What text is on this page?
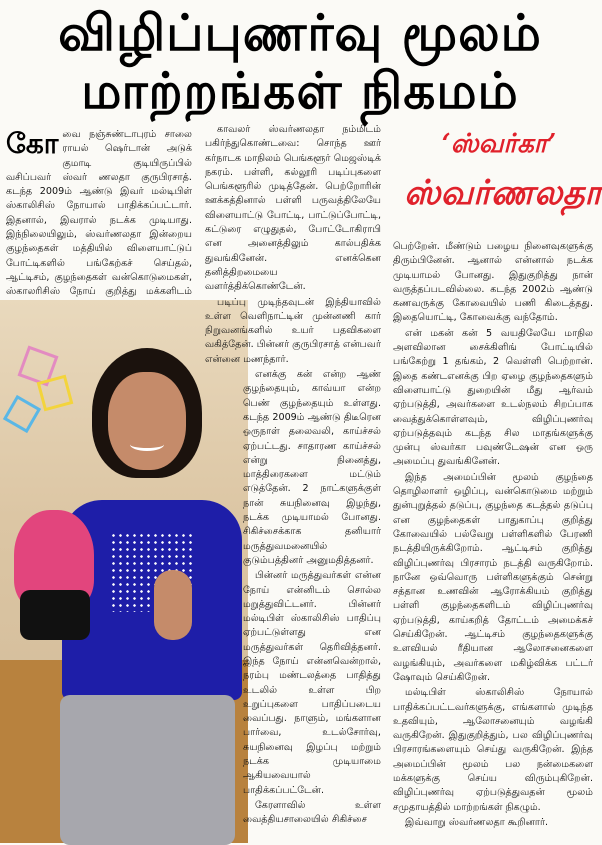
விழிப்புணர்வு மூலம்
மாற்றங்கள் நிகமம்

கோவை நஞ்சுண்டாபுரம் சாலை ராயல் ஷெர்டான் அடுக் குமாடி குடியிருப்பில் வசிப்பவர் ஸ்வர் ணலதா குருபிரசாத். கடந்த 2009ம் ஆண்டு இவர் மல்டிபிள் ஸ்காலிசிஸ் நோயால் பாதிக்கப்பட்டார். இதனால், இவரால் நடக்க முடியாது. இந்நிலையிலும், ஸ்வர்ணலதா இன்றைய குழந்தைகள் மத்தியில் விளையாட்டுப் போட்டிகளில் பங்கேற்கச் செய்தல், ஆட்டிசம், குழந்தைகள் வன்கொடுமைகள், ஸ்காலரிசிஸ் நோய் குறித்து மக்களிடம்

காவலர் ஸ்வர்ணலதா நம்மிடம் பகிர்ந்துகொண்டவை: சொந்த ஊர் கர்நாடக மாநிலம் பெங்களூர் மெஜஸ்டிக் நகரம். பள்ளி, கல்லூரி படிப்புகளை பெங்களூரில் முடித்தேன். பெற்றோரின் ஊக்கத்தினால் பள்ளி பருவத்திலேயே விளையாட்டு போட்டி, பாட்டுப்போட்டி, கட்டுரை எழுதுதல், போட்டோகிராபி என அனைத்திலும் கால்பதிக்க துவங்கினேன். எனக்கென தனித்திறமையை வளர்த்திக்கொண்டேன்.

படிப்பு முடிந்தவுடன் இந்தியாவில் உள்ள வெளிநாட்டின் முன்னணி கார் நிறுவனங்களில் உயர் பதவிகளை வகித்தேன். பின்னர் குருபிரசாத் என்பவர் என்னை மணந்தார்.

எனக்கு கன் என்ற ஆண் குழந்தையும், காவ்யா என்ற பெண் குழந்தையும் உள்ளது. கடந்த 2009ம் ஆண்டு திடீரென ஒருநாள் தலைவலி, காய்ச்சல் ஏற்பட்டது. சாதாரண காய்ச்சல் என்று நினைத்து, மாத்திரைகளை மட்டும் எடுத்தேன். 2 நாட்களுக்குள் நான் சுயநினைவு இழந்து, நடக்க முடியாமல் போனது. சிகிச்சைக்காக தனியார் மருத்துவமனையில் குடும்பத்தினர் அனுமதித்தனர்.

பின்னர் மருத்துவர்கள் என்ன நோய் என்னிடம் சொல்ல மறுத்துவிட்டனர். பின்னர் மல்டிபிள் ஸ்காலிசிஸ் பாதிப்பு ஏற்பட்டுள்ளது என மருத்துவர்கள் தெரிவித்தனர். இந்த நோய் என்னவென்றால், நரம்பு மண்டலத்தை பாதித்து உடலில் உள்ள பிற உறுப்புகளை பாதிப்படைய வைப்பது. நாளும், மங்களான பார்வை, உடல்சோர்வு, சுயநினைவு இழப்பு மற்றும் நடக்க முடியாமை ஆகியவையால் பாதிக்கப்பட்டேன்.

கேரளாவில் உள்ள வைத்தியசாலையில் சிகிச்சை

‘ஸ்வர்கா’
ஸ்வர்ணலதா

பெற்றேன். மீண்டும் பழைய நினைவுகளுக்கு திரும்பினேன். ஆனால் என்னால் நடக்க முடியாமல் போனது. இதுகுறித்து நான் வருத்தப்படவில்லை. கடந்த 2002ம் ஆண்டு கணவருக்கு கோவையில் பணி கிடைத்தது. இதையொட்டி, கோவைக்கு வந்தோம்.

என் மகன் கன் 5 வயதிலேயே மாநில அளவிலான சைக்கிளிங் போட்டியில் பங்கேற்று 1 தங்கம், 2 வெள்ளி பெற்றான். இதை கண்டஎனக்கு பிற ஏழை குழந்தைகளும் விளையாட்டு துறையின் மீது ஆர்வம் ஏற்படுத்தி, அவர்களை உடல்நலம் சிறப்பாக வைத்துக்கொள்ளவும், விழிப்புணர்வு ஏற்படுத்தவும் கடந்த சில மாதங்களுக்கு முன்பு ஸ்வர்கா பவுண்டேஷன் என ஒரு அமைப்பு துவங்கினேன்.

இந்த அமைப்பின் மூலம் குழந்தை தொழிலாளர் ஒழிப்பு, வன்கொடுமை மற்றும் துன்புறுத்தல் தடுப்பு, குழந்தை கடத்தல் தடுப்பு என குழந்தைகள் பாதுகாப்பு குறித்து கோவையில் பல்வேறு பள்ளிகளில் பேரணி நடத்தியிருக்கிறோம். ஆட்டிசம் குறித்து விழிப்புணர்வு பிரசாரம் நடத்தி வருகிறோம். நானே ஒவ்வொரு பள்ளிகளுக்கும் சென்று சத்தான உணவின் ஆரோக்கியம் குறித்து பள்ளி குழந்தைகளிடம் விழிப்புணர்வு ஏற்படுத்தி, காய்கறித் தோட்டம் அமைக்கச் செய்கிறேன். ஆட்டிசம் குழந்தைகளுக்கு உளவியல் ரீதியான ஆலோசனைகளை வழங்கியும், அவர்களை மகிழ்விக்க பட்டர் ஷோவும் செய்கிறேன்.

மல்டிபிள் ஸ்காலிசிஸ் நோயால் பாதிக்கப்பட்டவர்களுக்கு, எங்களால் முடிந்த உதவியும், ஆலோசனையும் வழங்கி வருகிறேன். இதுகுறித்தும், பல விழிப்புணர்வு பிரசாரங்களையும் செய்து வருகிறேன். இந்த அமைப்பின் மூலம் பல நன்மைகளை மக்களுக்கு செய்ய விரும்புகிறேன். விழிப்புணர்வு ஏற்படுத்துவதன் மூலம் சமுதாயத்தில் மாற்றங்கள் நிகழும்.

இவ்வாறு ஸ்வர்ணலதா கூறினார்.
